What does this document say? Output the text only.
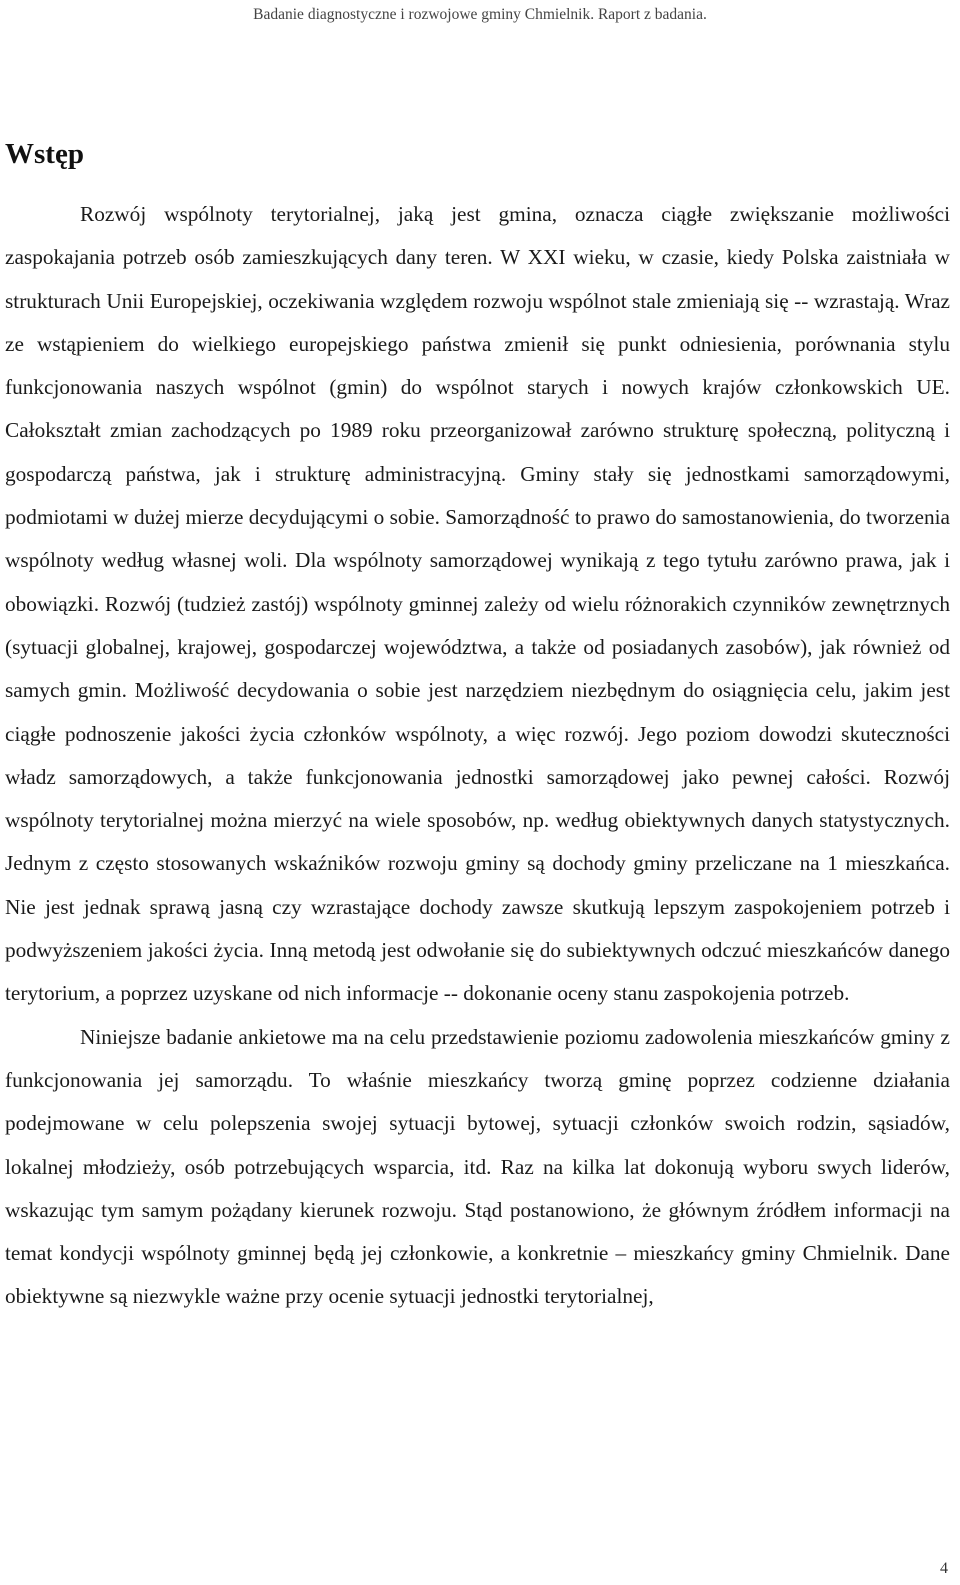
Badanie diagnostyczne i rozwojowe gminy Chmielnik. Raport z badania.
Wstęp

Rozwój wspólnoty terytorialnej, jaką jest gmina, oznacza ciągłe zwiększanie możliwości zaspokajania potrzeb osób zamieszkujących dany teren. W XXI wieku, w czasie, kiedy Polska zaistniała w strukturach Unii Europejskiej, oczekiwania względem rozwoju wspólnot stale zmieniają się -- wzrastają. Wraz ze wstąpieniem do wielkiego europejskiego państwa zmienił się punkt odniesienia, porównania stylu funkcjonowania naszych wspólnot (gmin) do wspólnot starych i nowych krajów członkowskich UE. Całokształt zmian zachodzących po 1989 roku przeorganizował zarówno strukturę społeczną, polityczną i gospodarczą państwa, jak i strukturę administracyjną. Gminy stały się jednostkami samorządowymi, podmiotami w dużej mierze decydującymi o sobie. Samorządność to prawo do samostanowienia, do tworzenia wspólnoty według własnej woli. Dla wspólnoty samorządowej wynikają z tego tytułu zarówno prawa, jak i obowiązki. Rozwój (tudzież zastój) wspólnoty gminnej zależy od wielu różnorakich czynników zewnętrznych (sytuacji globalnej, krajowej, gospodarczej województwa, a także od posiadanych zasobów), jak również od samych gmin. Możliwość decydowania o sobie jest narzędziem niezbędnym do osiągnięcia celu, jakim jest ciągłe podnoszenie jakości życia członków wspólnoty, a więc rozwój. Jego poziom dowodzi skuteczności władz samorządowych, a także funkcjonowania jednostki samorządowej jako pewnej całości. Rozwój wspólnoty terytorialnej można mierzyć na wiele sposobów, np. według obiektywnych danych statystycznych. Jednym z często stosowanych wskaźników rozwoju gminy są dochody gminy przeliczane na 1 mieszkańca. Nie jest jednak sprawą jasną czy wzrastające dochody zawsze skutkują lepszym zaspokojeniem potrzeb i podwyższeniem jakości życia. Inną metodą jest odwołanie się do subiektywnych odczuć mieszkańców danego terytorium, a poprzez uzyskane od nich informacje -- dokonanie oceny stanu zaspokojenia potrzeb.

Niniejsze badanie ankietowe ma na celu przedstawienie poziomu zadowolenia mieszkańców gminy z funkcjonowania jej samorządu. To właśnie mieszkańcy tworzą gminę poprzez codzienne działania podejmowane w celu polepszenia swojej sytuacji bytowej, sytuacji członków swoich rodzin, sąsiadów, lokalnej młodzieży, osób potrzebujących wsparcia, itd. Raz na kilka lat dokonują wyboru swych liderów, wskazując tym samym pożądany kierunek rozwoju. Stąd postanowiono, że głównym źródłem informacji na temat kondycji wspólnoty gminnej będą jej członkowie, a konkretnie – mieszkańcy gminy Chmielnik. Dane obiektywne są niezwykle ważne przy ocenie sytuacji jednostki terytorialnej,

4
